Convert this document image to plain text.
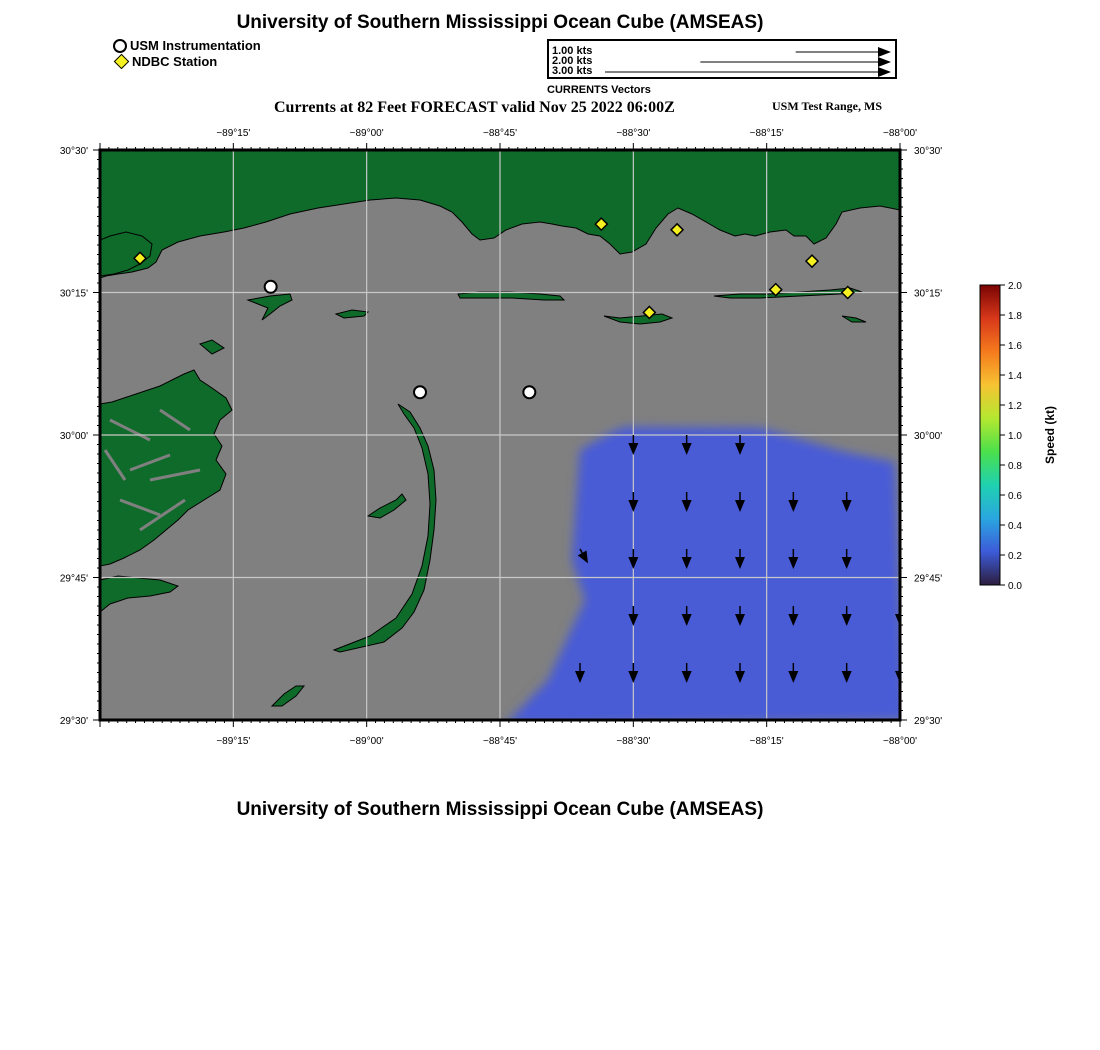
University of Southern Mississippi Ocean Cube (AMSEAS)
USM Instrumentation
NDBC Station
1.00 kts
2.00 kts
3.00 kts
CURRENTS Vectors
Currents at 82 Feet FORECAST valid Nov 25 2022 06:00Z	USM Test Range, MS
−89°15'
−89°15'
−89°00'
−89°00'
−88°45'
−88°45'
−88°30'
−88°30'
−88°15'
−88°15'
−88°00'
−88°00'
30°30'	30°30'
30°15'	30°15'
30°00'	30°00'
29°45'	29°45'
29°30'	29°30'
2.0
1.8
1.6
1.4
1.2
1.0
0.8
0.6
0.4
0.2
0.0
Speed (kt)
University of Southern Mississippi Ocean Cube (AMSEAS)
